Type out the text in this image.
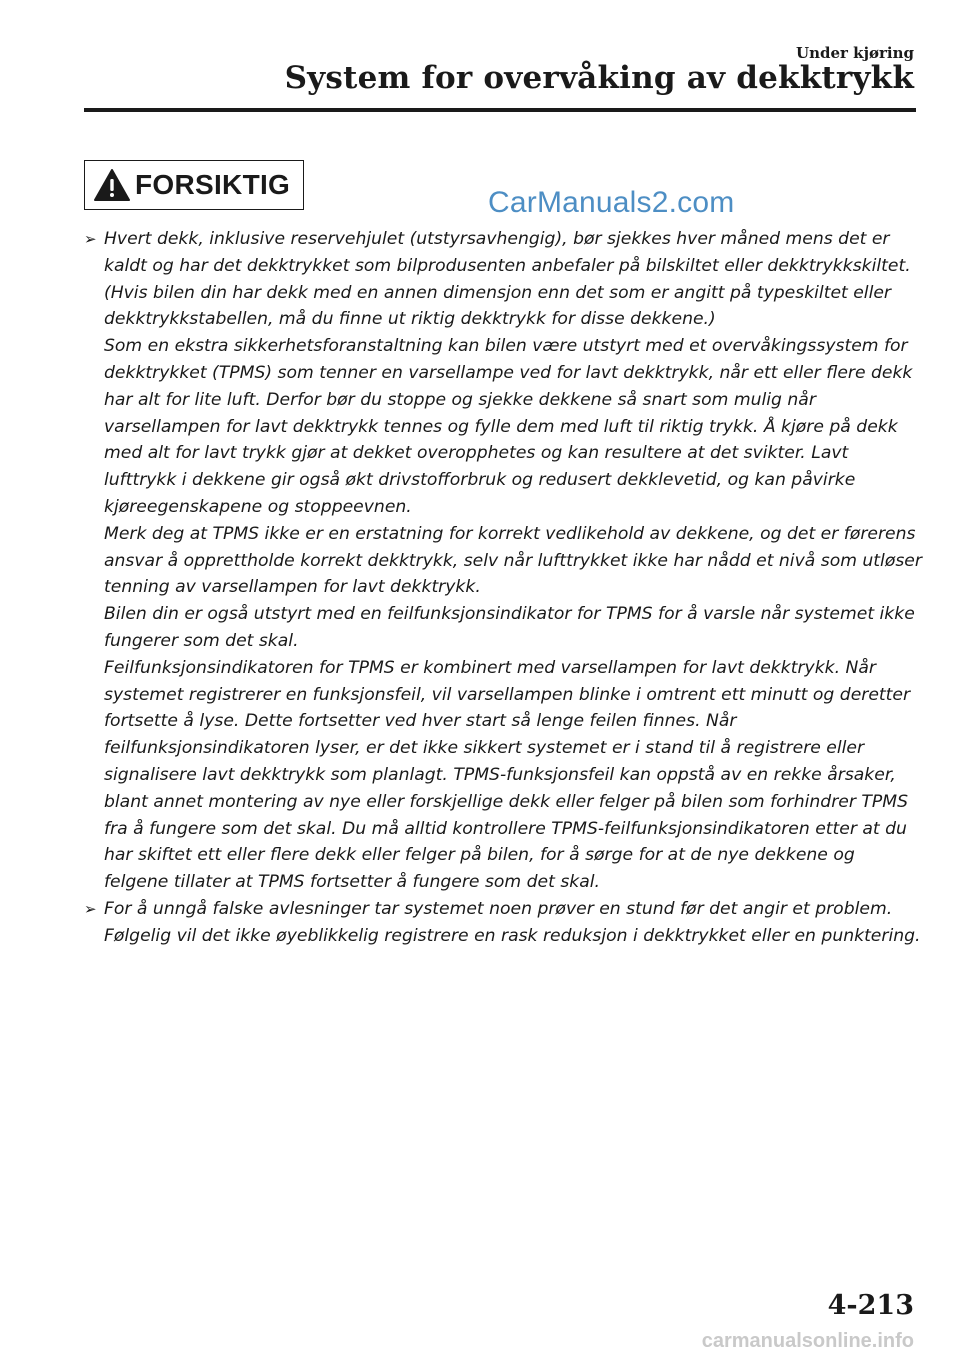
Under kjøring
System for overvåking av dekktrykk
FORSIKTIG
CarManuals2.com
➢ Hvert dekk, inklusive reservehjulet (utstyrsavhengig), bør sjekkes hver måned mens det er kaldt og har det dekktrykket som bilprodusenten anbefaler på bilskiltet eller dekktrykkskiltet. (Hvis bilen din har dekk med en annen dimensjon enn det som er angitt på typeskiltet eller dekktrykkstabellen, må du finne ut riktig dekktrykk for disse dekkene.)

Som en ekstra sikkerhetsforanstaltning kan bilen være utstyrt med et overvåkingssystem for dekktrykket (TPMS) som tenner en varsellampe ved for lavt dekktrykk, når ett eller flere dekk har alt for lite luft. Derfor bør du stoppe og sjekke dekkene så snart som mulig når varsellampen for lavt dekktrykk tennes og fylle dem med luft til riktig trykk. Å kjøre på dekk med alt for lavt trykk gjør at dekket overopphetes og kan resultere at det svikter. Lavt lufttrykk i dekkene gir også økt drivstofforbruk og redusert dekklevetid, og kan påvirke kjøreegenskapene og stoppeevnen.

Merk deg at TPMS ikke er en erstatning for korrekt vedlikehold av dekkene, og det er førerens ansvar å opprettholde korrekt dekktrykk, selv når lufttrykket ikke har nådd et nivå som utløser tenning av varsellampen for lavt dekktrykk.

Bilen din er også utstyrt med en feilfunksjonsindikator for TPMS for å varsle når systemet ikke fungerer som det skal.

Feilfunksjonsindikatoren for TPMS er kombinert med varsellampen for lavt dekktrykk. Når systemet registrerer en funksjonsfeil, vil varsellampen blinke i omtrent ett minutt og deretter fortsette å lyse. Dette fortsetter ved hver start så lenge feilen finnes. Når feilfunksjonsindikatoren lyser, er det ikke sikkert systemet er i stand til å registrere eller signalisere lavt dekktrykk som planlagt. TPMS-funksjonsfeil kan oppstå av en rekke årsaker, blant annet montering av nye eller forskjellige dekk eller felger på bilen som forhindrer TPMS fra å fungere som det skal. Du må alltid kontrollere TPMS-feilfunksjonsindikatoren etter at du har skiftet ett eller flere dekk eller felger på bilen, for å sørge for at de nye dekkene og felgene tillater at TPMS fortsetter å fungere som det skal.

➢ For å unngå falske avlesninger tar systemet noen prøver en stund før det angir et problem. Følgelig vil det ikke øyeblikkelig registrere en rask reduksjon i dekktrykket eller en punktering.

4-213
carmanualsonline.info
